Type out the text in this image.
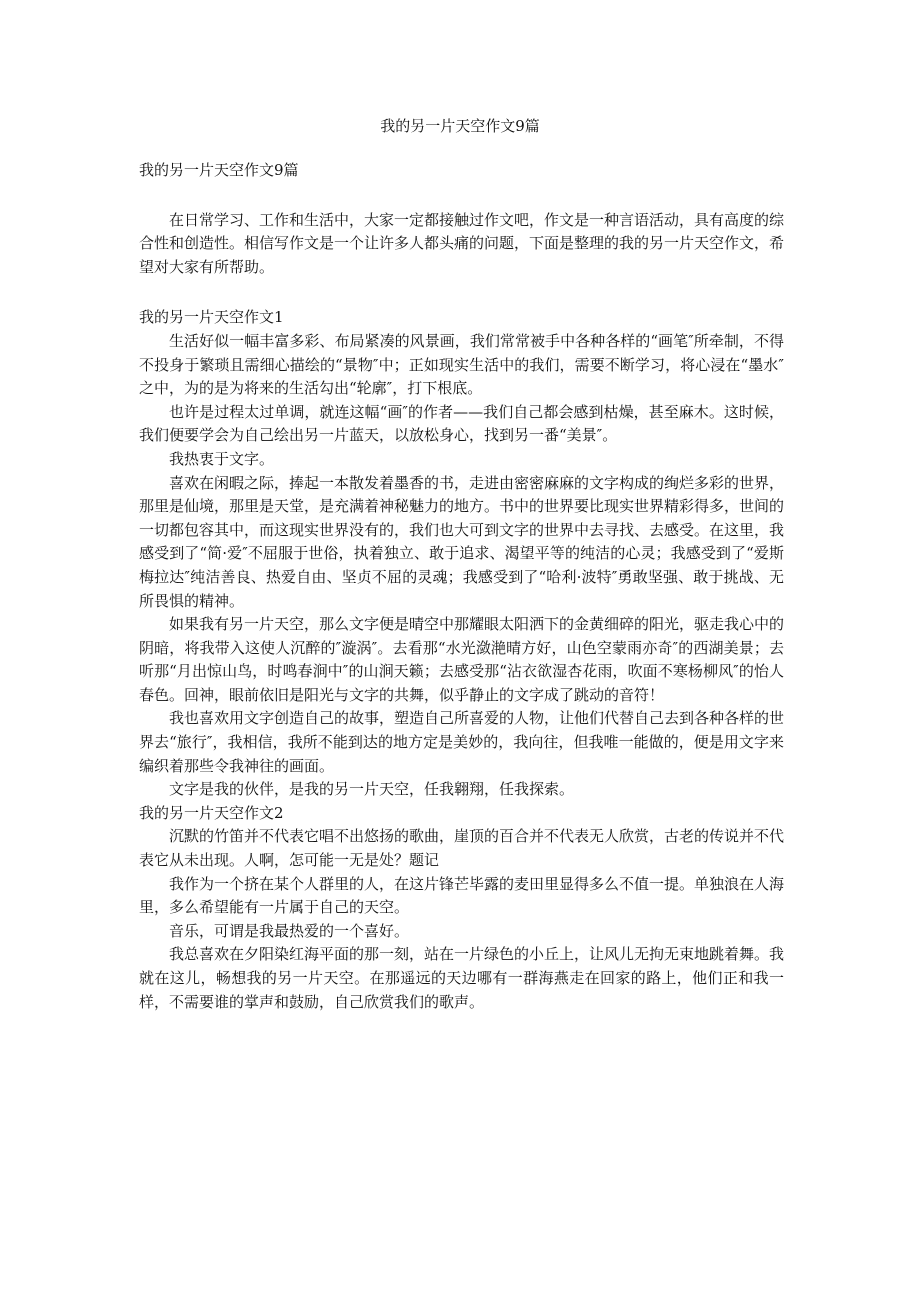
我的另一片天空作文9篇

我的另一片天空作文9篇

在日常学习、工作和生活中，大家一定都接触过作文吧，作文是一种言语活动，具有高度的综合性和创造性。相信写作文是一个让许多人都头痛的问题，下面是整理的我的另一片天空作文，希望对大家有所帮助。

我的另一片天空作文1

生活好似一幅丰富多彩、布局紧凑的风景画，我们常常被手中各种各样的“画笔″所牵制，不得不投身于繁琐且需细心描绘的“景物″中；正如现实生活中的我们，需要不断学习，将心浸在“墨水″之中，为的是为将来的生活勾出“轮廓″，打下根底。

也许是过程太过单调，就连这幅“画″的作者——我们自己都会感到枯燥，甚至麻木。这时候，我们便要学会为自己绘出另一片蓝天，以放松身心，找到另一番“美景″。

我热衷于文字。

喜欢在闲暇之际，捧起一本散发着墨香的书，走进由密密麻麻的文字构成的绚烂多彩的世界，那里是仙境，那里是天堂，是充满着神秘魅力的地方。书中的世界要比现实世界精彩得多，世间的一切都包容其中，而这现实世界没有的，我们也大可到文字的世界中去寻找、去感受。在这里，我感受到了“简·爱″不屈服于世俗，执着独立、敢于追求、渴望平等的纯洁的心灵；我感受到了“爱斯梅拉达″纯洁善良、热爱自由、坚贞不屈的灵魂；我感受到了“哈利·波特″勇敢坚强、敢于挑战、无所畏惧的精神。

如果我有另一片天空，那么文字便是晴空中那耀眼太阳洒下的金黄细碎的阳光，驱走我心中的阴暗，将我带入这使人沉醉的″漩涡″。去看那“水光潋滟晴方好，山色空蒙雨亦奇″的西湖美景；去听那“月出惊山鸟，时鸣春涧中″的山涧天籁；去感受那“沾衣欲湿杏花雨，吹面不寒杨柳风″的怡人春色。回神，眼前依旧是阳光与文字的共舞，似乎静止的文字成了跳动的音符！

我也喜欢用文字创造自己的故事，塑造自己所喜爱的人物，让他们代替自己去到各种各样的世界去“旅行″，我相信，我所不能到达的地方定是美妙的，我向往，但我唯一能做的，便是用文字来编织着那些令我神往的画面。

文字是我的伙伴，是我的另一片天空，任我翱翔，任我探索。

我的另一片天空作文2

沉默的竹笛并不代表它唱不出悠扬的歌曲，崖顶的百合并不代表无人欣赏，古老的传说并不代表它从未出现。人啊，怎可能一无是处？题记

我作为一个挤在某个人群里的人，在这片锋芒毕露的麦田里显得多么不值一提。单独浪在人海里，多么希望能有一片属于自己的天空。

音乐，可谓是我最热爱的一个喜好。

我总喜欢在夕阳染红海平面的那一刻，站在一片绿色的小丘上，让风儿无拘无束地跳着舞。我就在这儿，畅想我的另一片天空。在那遥远的天边哪有一群海燕走在回家的路上，他们正和我一样，不需要谁的掌声和鼓励，自己欣赏我们的歌声。
